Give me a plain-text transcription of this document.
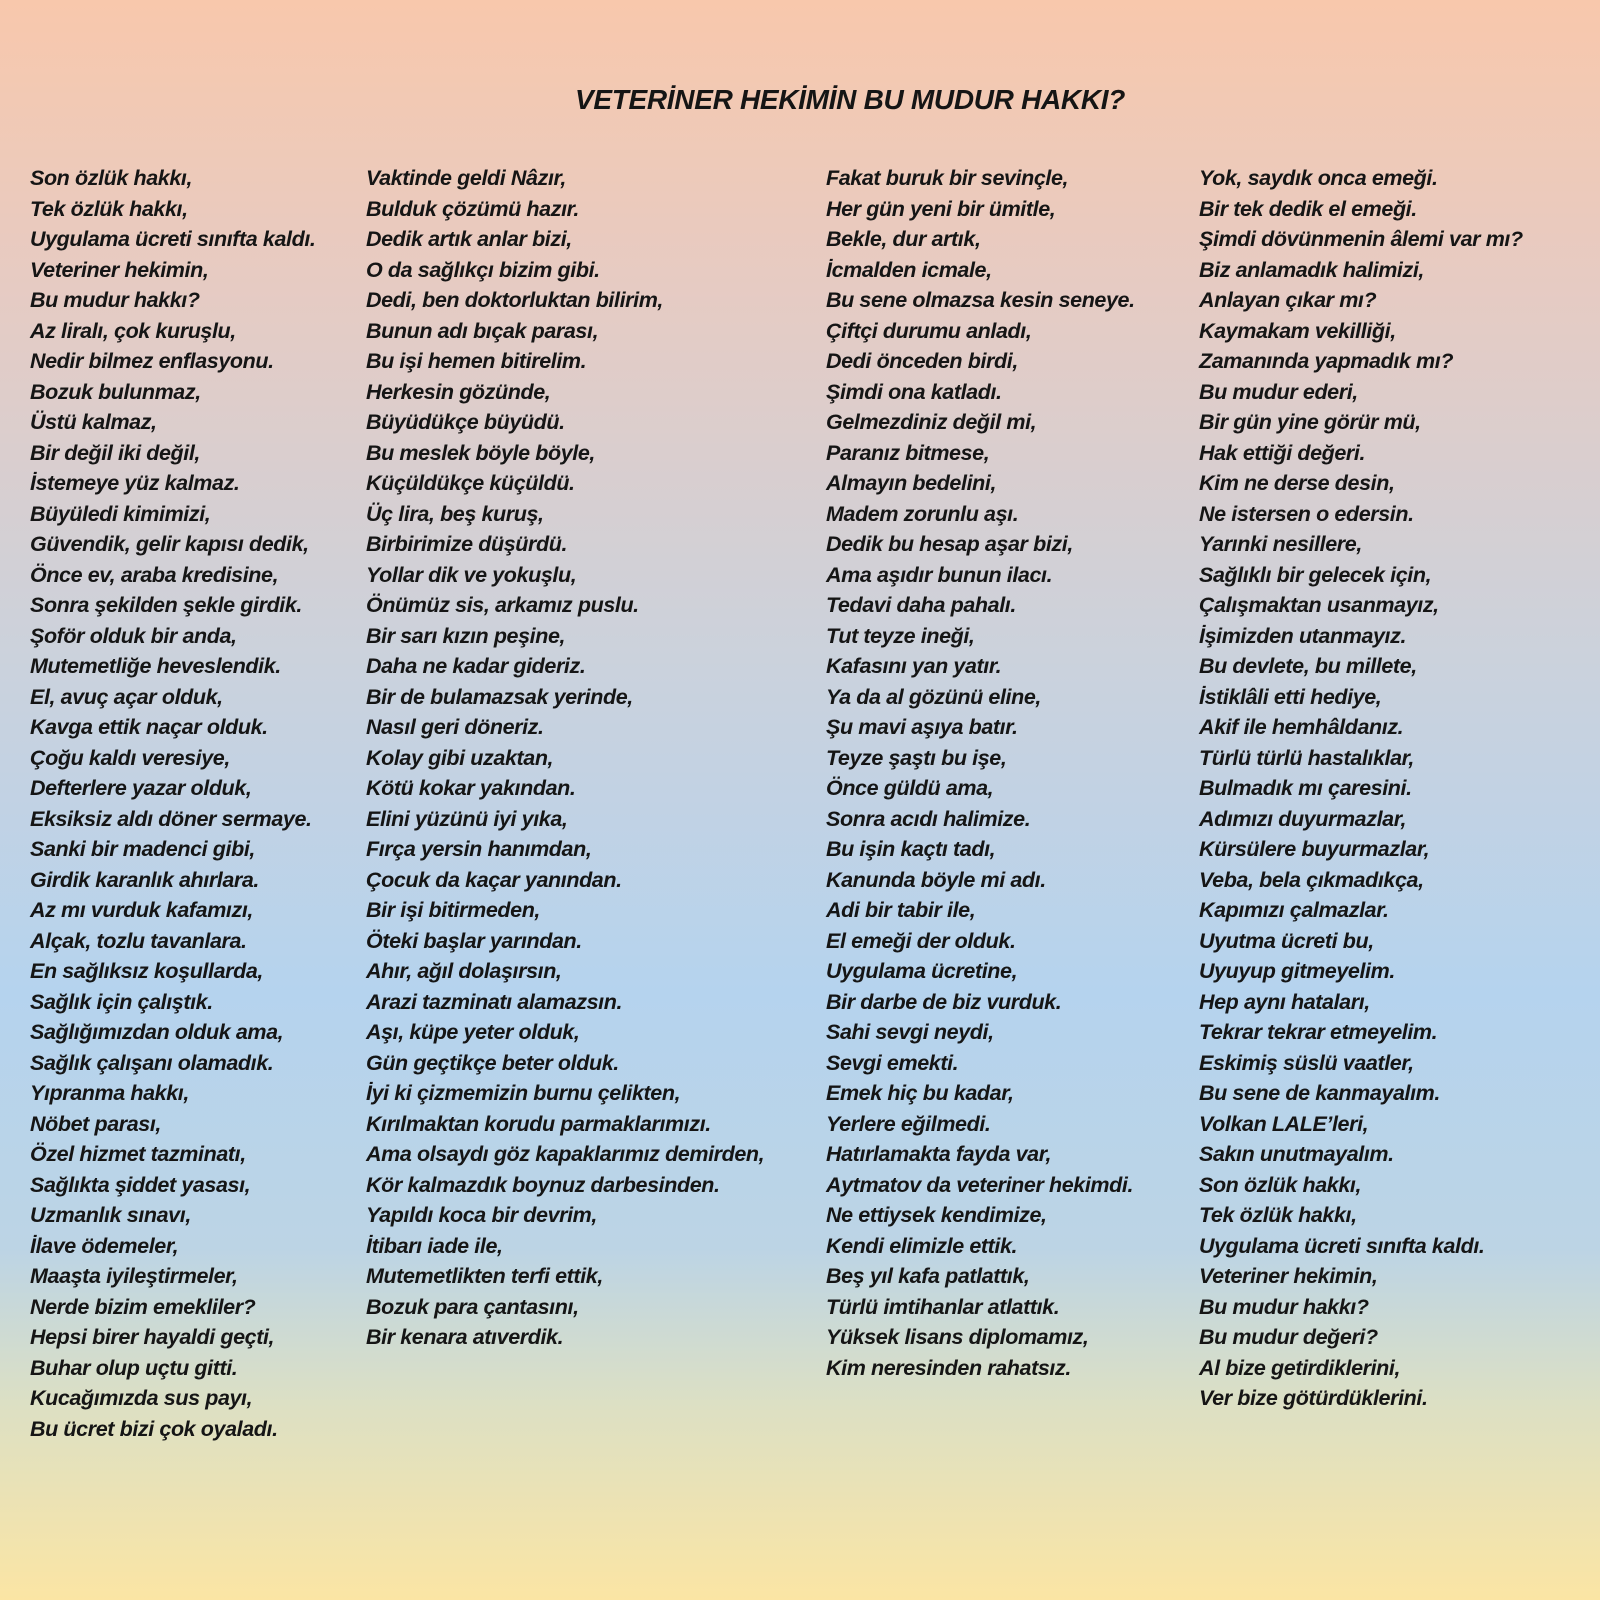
VETERİNER HEKİMİN BU MUDUR HAKKI?
Son özlük hakkı,
Tek özlük hakkı,
Uygulama ücreti sınıfta kaldı.
Veteriner hekimin,
Bu mudur hakkı?
Az liralı, çok kuruşlu,
Nedir bilmez enflasyonu.
Bozuk bulunmaz,
Üstü kalmaz,
Bir değil iki değil,
İstemeye yüz kalmaz.
Büyüledi kimimizi,
Güvendik, gelir kapısı dedik,
Önce ev, araba kredisine,
Sonra şekilden şekle girdik.
Şoför olduk bir anda,
Mutemetliğe heveslendik.
El, avuç açar olduk,
Kavga ettik naçar olduk.
Çoğu kaldı veresiye,
Defterlere yazar olduk,
Eksiksiz aldı döner sermaye.
Sanki bir madenci gibi,
Girdik karanlık ahırlara.
Az mı vurduk kafamızı,
Alçak, tozlu tavanlara.
En sağlıksız koşullarda,
Sağlık için çalıştık.
Sağlığımızdan olduk ama,
Sağlık çalışanı olamadık.
Yıpranma hakkı,
Nöbet parası,
Özel hizmet tazminatı,
Sağlıkta şiddet yasası,
Uzmanlık sınavı,
İlave ödemeler,
Maaşta iyileştirmeler,
Nerde bizim emekliler?
Hepsi birer hayaldi geçti,
Buhar olup uçtu gitti.
Kucağımızda sus payı,
Bu ücret bizi çok oyaladı.
Vaktinde geldi Nâzır,
Bulduk çözümü hazır.
Dedik artık anlar bizi,
O da sağlıkçı bizim gibi.
Dedi, ben doktorluktan bilirim,
Bunun adı bıçak parası,
Bu işi hemen bitirelim.
Herkesin gözünde,
Büyüdükçe büyüdü.
Bu meslek böyle böyle,
Küçüldükçe küçüldü.
Üç lira, beş kuruş,
Birbirimize düşürdü.
Yollar dik ve yokuşlu,
Önümüz sis, arkamız puslu.
Bir sarı kızın peşine,
Daha ne kadar gideriz.
Bir de bulamazsak yerinde,
Nasıl geri döneriz.
Kolay gibi uzaktan,
Kötü kokar yakından.
Elini yüzünü iyi yıka,
Fırça yersin hanımdan,
Çocuk da kaçar yanından.
Bir işi bitirmeden,
Öteki başlar yarından.
Ahır, ağıl dolaşırsın,
Arazi tazminatı alamazsın.
Aşı, küpe yeter olduk,
Gün geçtikçe beter olduk.
İyi ki çizmemizin burnu çelikten,
Kırılmaktan korudu parmaklarımızı.
Ama olsaydı göz kapaklarımız demirden,
Kör kalmazdık boynuz darbesinden.
Yapıldı koca bir devrim,
İtibarı iade ile,
Mutemetlikten terfi ettik,
Bozuk para çantasını,
Bir kenara atıverdik.
Fakat buruk bir sevinçle,
Her gün yeni bir ümitle,
Bekle, dur artık,
İcmalden icmale,
Bu sene olmazsa kesin seneye.
Çiftçi durumu anladı,
Dedi önceden birdi,
Şimdi ona katladı.
Gelmezdiniz değil mi,
Paranız bitmese,
Almayın bedelini,
Madem zorunlu aşı.
Dedik bu hesap aşar bizi,
Ama aşıdır bunun ilacı.
Tedavi daha pahalı.
Tut teyze ineği,
Kafasını yan yatır.
Ya da al gözünü eline,
Şu mavi aşıya batır.
Teyze şaştı bu işe,
Önce güldü ama,
Sonra acıdı halimize.
Bu işin kaçtı tadı,
Kanunda böyle mi adı.
Adi bir tabir ile,
El emeği der olduk.
Uygulama ücretine,
Bir darbe de biz vurduk.
Sahi sevgi neydi,
Sevgi emekti.
Emek hiç bu kadar,
Yerlere eğilmedi.
Hatırlamakta fayda var,
Aytmatov da veteriner hekimdi.
Ne ettiysek kendimize,
Kendi elimizle ettik.
Beş yıl kafa patlattık,
Türlü imtihanlar atlattık.
Yüksek lisans diplomamız,
Kim neresinden rahatsız.
Yok, saydık onca emeği.
Bir tek dedik el emeği.
Şimdi dövünmenin âlemi var mı?
Biz anlamadık halimizi,
Anlayan çıkar mı?
Kaymakam vekilliği,
Zamanında yapmadık mı?
Bu mudur ederi,
Bir gün yine görür mü,
Hak ettiği değeri.
Kim ne derse desin,
Ne istersen o edersin.
Yarınki nesillere,
Sağlıklı bir gelecek için,
Çalışmaktan usanmayız,
İşimizden utanmayız.
Bu devlete, bu millete,
İstiklâli etti hediye,
Akif ile hemhâldanız.
Türlü türlü hastalıklar,
Bulmadık mı çaresini.
Adımızı duyurmazlar,
Kürsülere buyurmazlar,
Veba, bela çıkmadıkça,
Kapımızı çalmazlar.
Uyutma ücreti bu,
Uyuyup gitmeyelim.
Hep aynı hataları,
Tekrar tekrar etmeyelim.
Eskimiş süslü vaatler,
Bu sene de kanmayalım.
Volkan LALE’leri,
Sakın unutmayalım.
Son özlük hakkı,
Tek özlük hakkı,
Uygulama ücreti sınıfta kaldı.
Veteriner hekimin,
Bu mudur hakkı?
Bu mudur değeri?
Al bize getirdiklerini,
Ver bize götürdüklerini.
